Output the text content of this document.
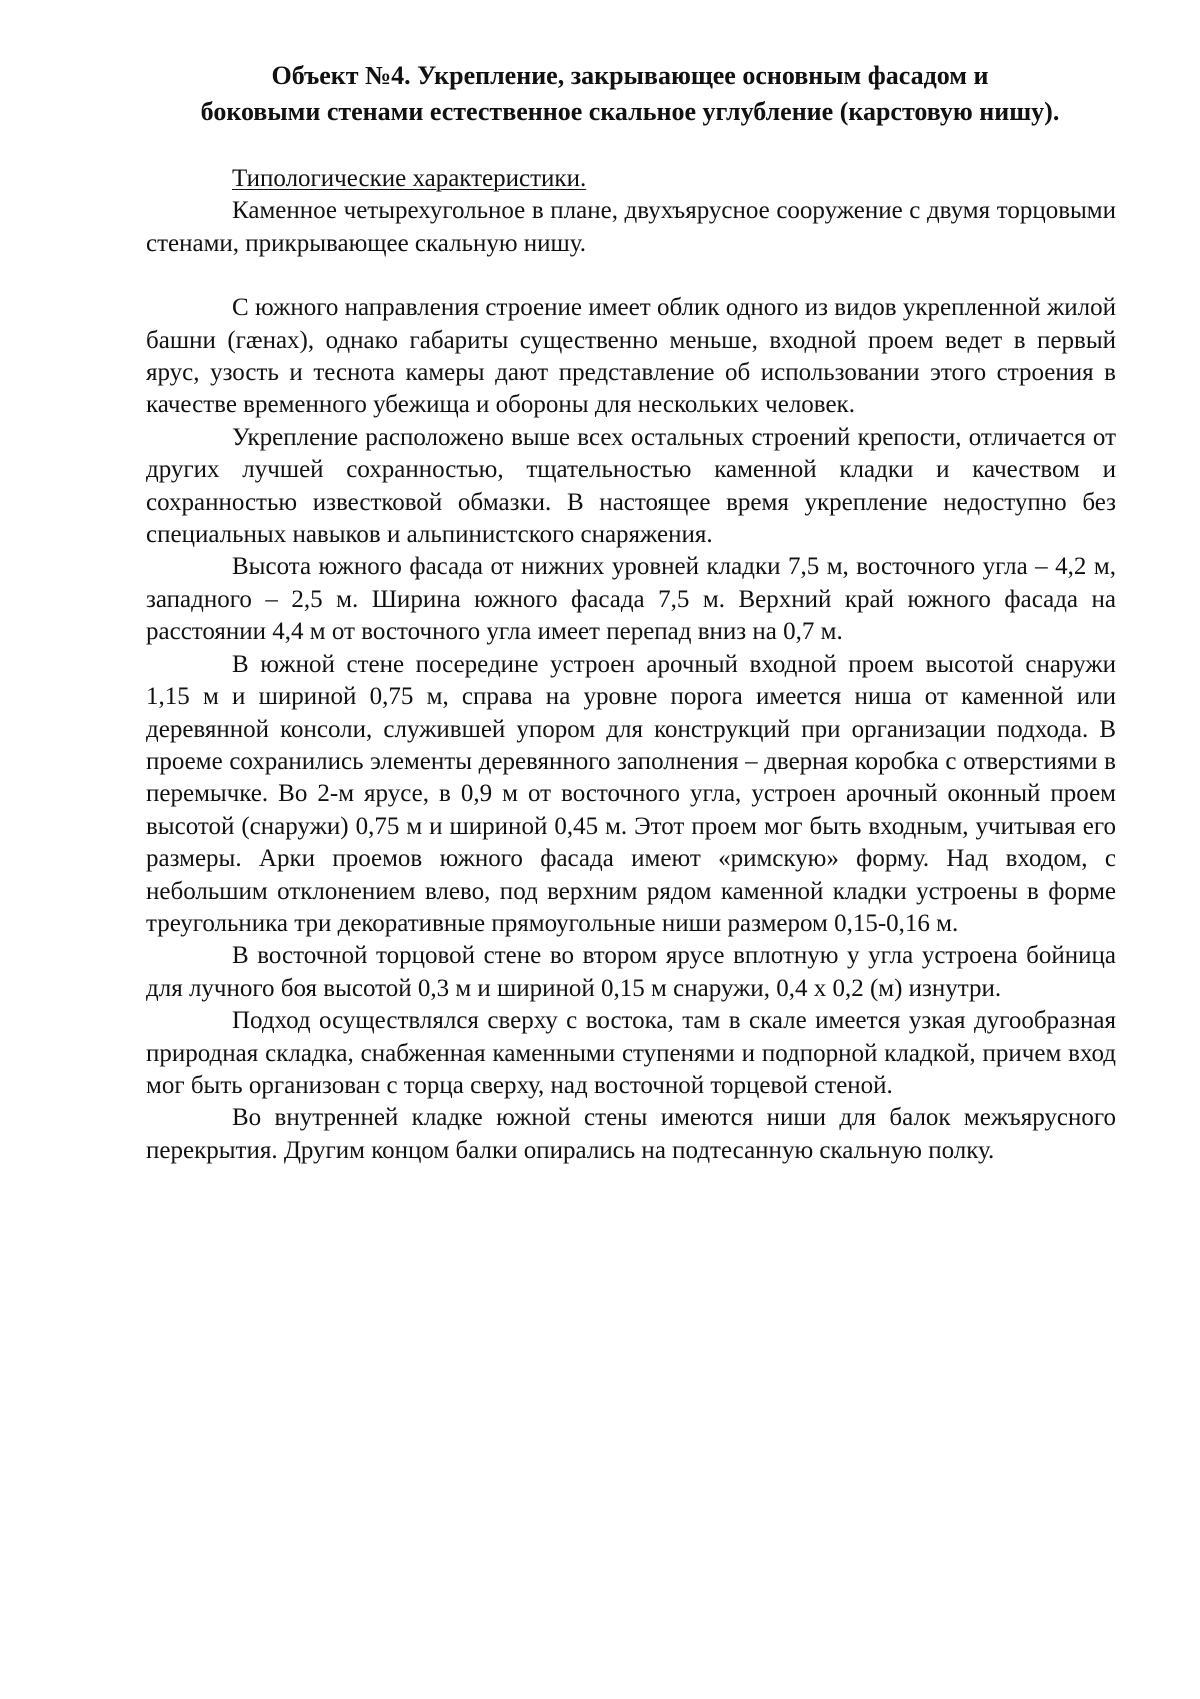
Объект №4. Укрепление, закрывающее основным фасадом и
боковыми стенами естественное скальное углубление (карстовую нишу).

Типологические характеристики.

Каменное четырехугольное в плане, двухъярусное сооружение с двумя торцовыми стенами, прикрывающее скальную нишу.

С южного направления строение имеет облик одного из видов укрепленной жилой башни (гæнах), однако габариты существенно меньше, входной проем ведет в первый ярус, узость и теснота камеры дают представление об использовании этого строения в качестве временного убежища и обороны для нескольких человек.

Укрепление расположено выше всех остальных строений крепости, отличается от других лучшей сохранностью, тщательностью каменной кладки и качеством и сохранностью известковой обмазки. В настоящее время укрепление недоступно без специальных навыков и альпинистского снаряжения.

Высота южного фасада от нижних уровней кладки 7,5 м, восточного угла – 4,2 м, западного – 2,5 м. Ширина южного фасада 7,5 м. Верхний край южного фасада на расстоянии 4,4 м от восточного угла имеет перепад вниз на 0,7 м.

В южной стене посередине устроен арочный входной проем высотой снаружи 1,15 м и шириной 0,75 м, справа на уровне порога имеется ниша от каменной или деревянной консоли, служившей упором для конструкций при организации подхода. В проеме сохранились элементы деревянного заполнения – дверная коробка с отверстиями в перемычке. Во 2-м ярусе, в 0,9 м от восточного угла, устроен арочный оконный проем высотой (снаружи) 0,75 м и шириной 0,45 м. Этот проем мог быть входным, учитывая его размеры. Арки проемов южного фасада имеют «римскую» форму. Над входом, с небольшим отклонением влево, под верхним рядом каменной кладки устроены в форме треугольника три декоративные прямоугольные ниши размером 0,15-0,16 м.

В восточной торцовой стене во втором ярусе вплотную у угла устроена бойница для лучного боя высотой 0,3 м и шириной 0,15 м снаружи, 0,4 х 0,2 (м) изнутри.

Подход осуществлялся сверху с востока, там в скале имеется узкая дугообразная природная складка, снабженная каменными ступенями и подпорной кладкой, причем вход мог быть организован с торца сверху, над восточной торцевой стеной.

Во внутренней кладке южной стены имеются ниши для балок межъярусного перекрытия. Другим концом балки опирались на подтесанную скальную полку.
